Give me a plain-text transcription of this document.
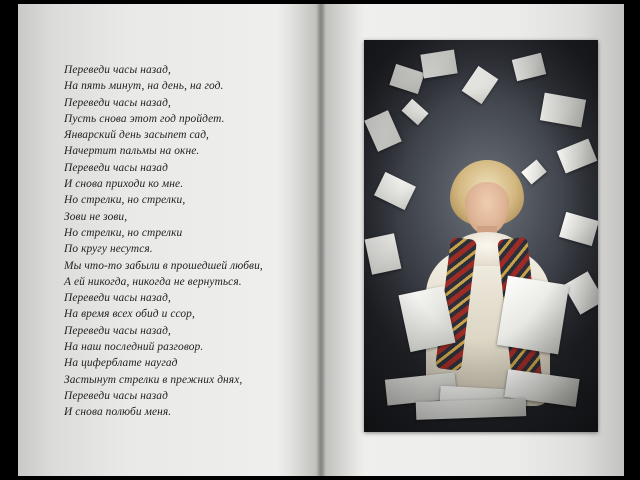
Переведи часы назад,
На пять минут, на день, на год.
Переведи часы назад,
Пусть снова этот год пройдет.
Январский день засыпет сад,
Начертит пальмы на окне.
Переведи часы назад
И снова приходи ко мне.
Но стрелки, но стрелки,
Зови не зови,
Но стрелки, но стрелки
По кругу несутся.
Мы что-то забыли в прошедшей любви,
А ей никогда, никогда не вернуться.
Переведи часы назад,
На время всех обид и ссор,
Переведи часы назад,
На наш последний разговор.
На циферблате наугад
Застынут стрелки в прежних днях,
Переведи часы назад
И снова полюби меня.
